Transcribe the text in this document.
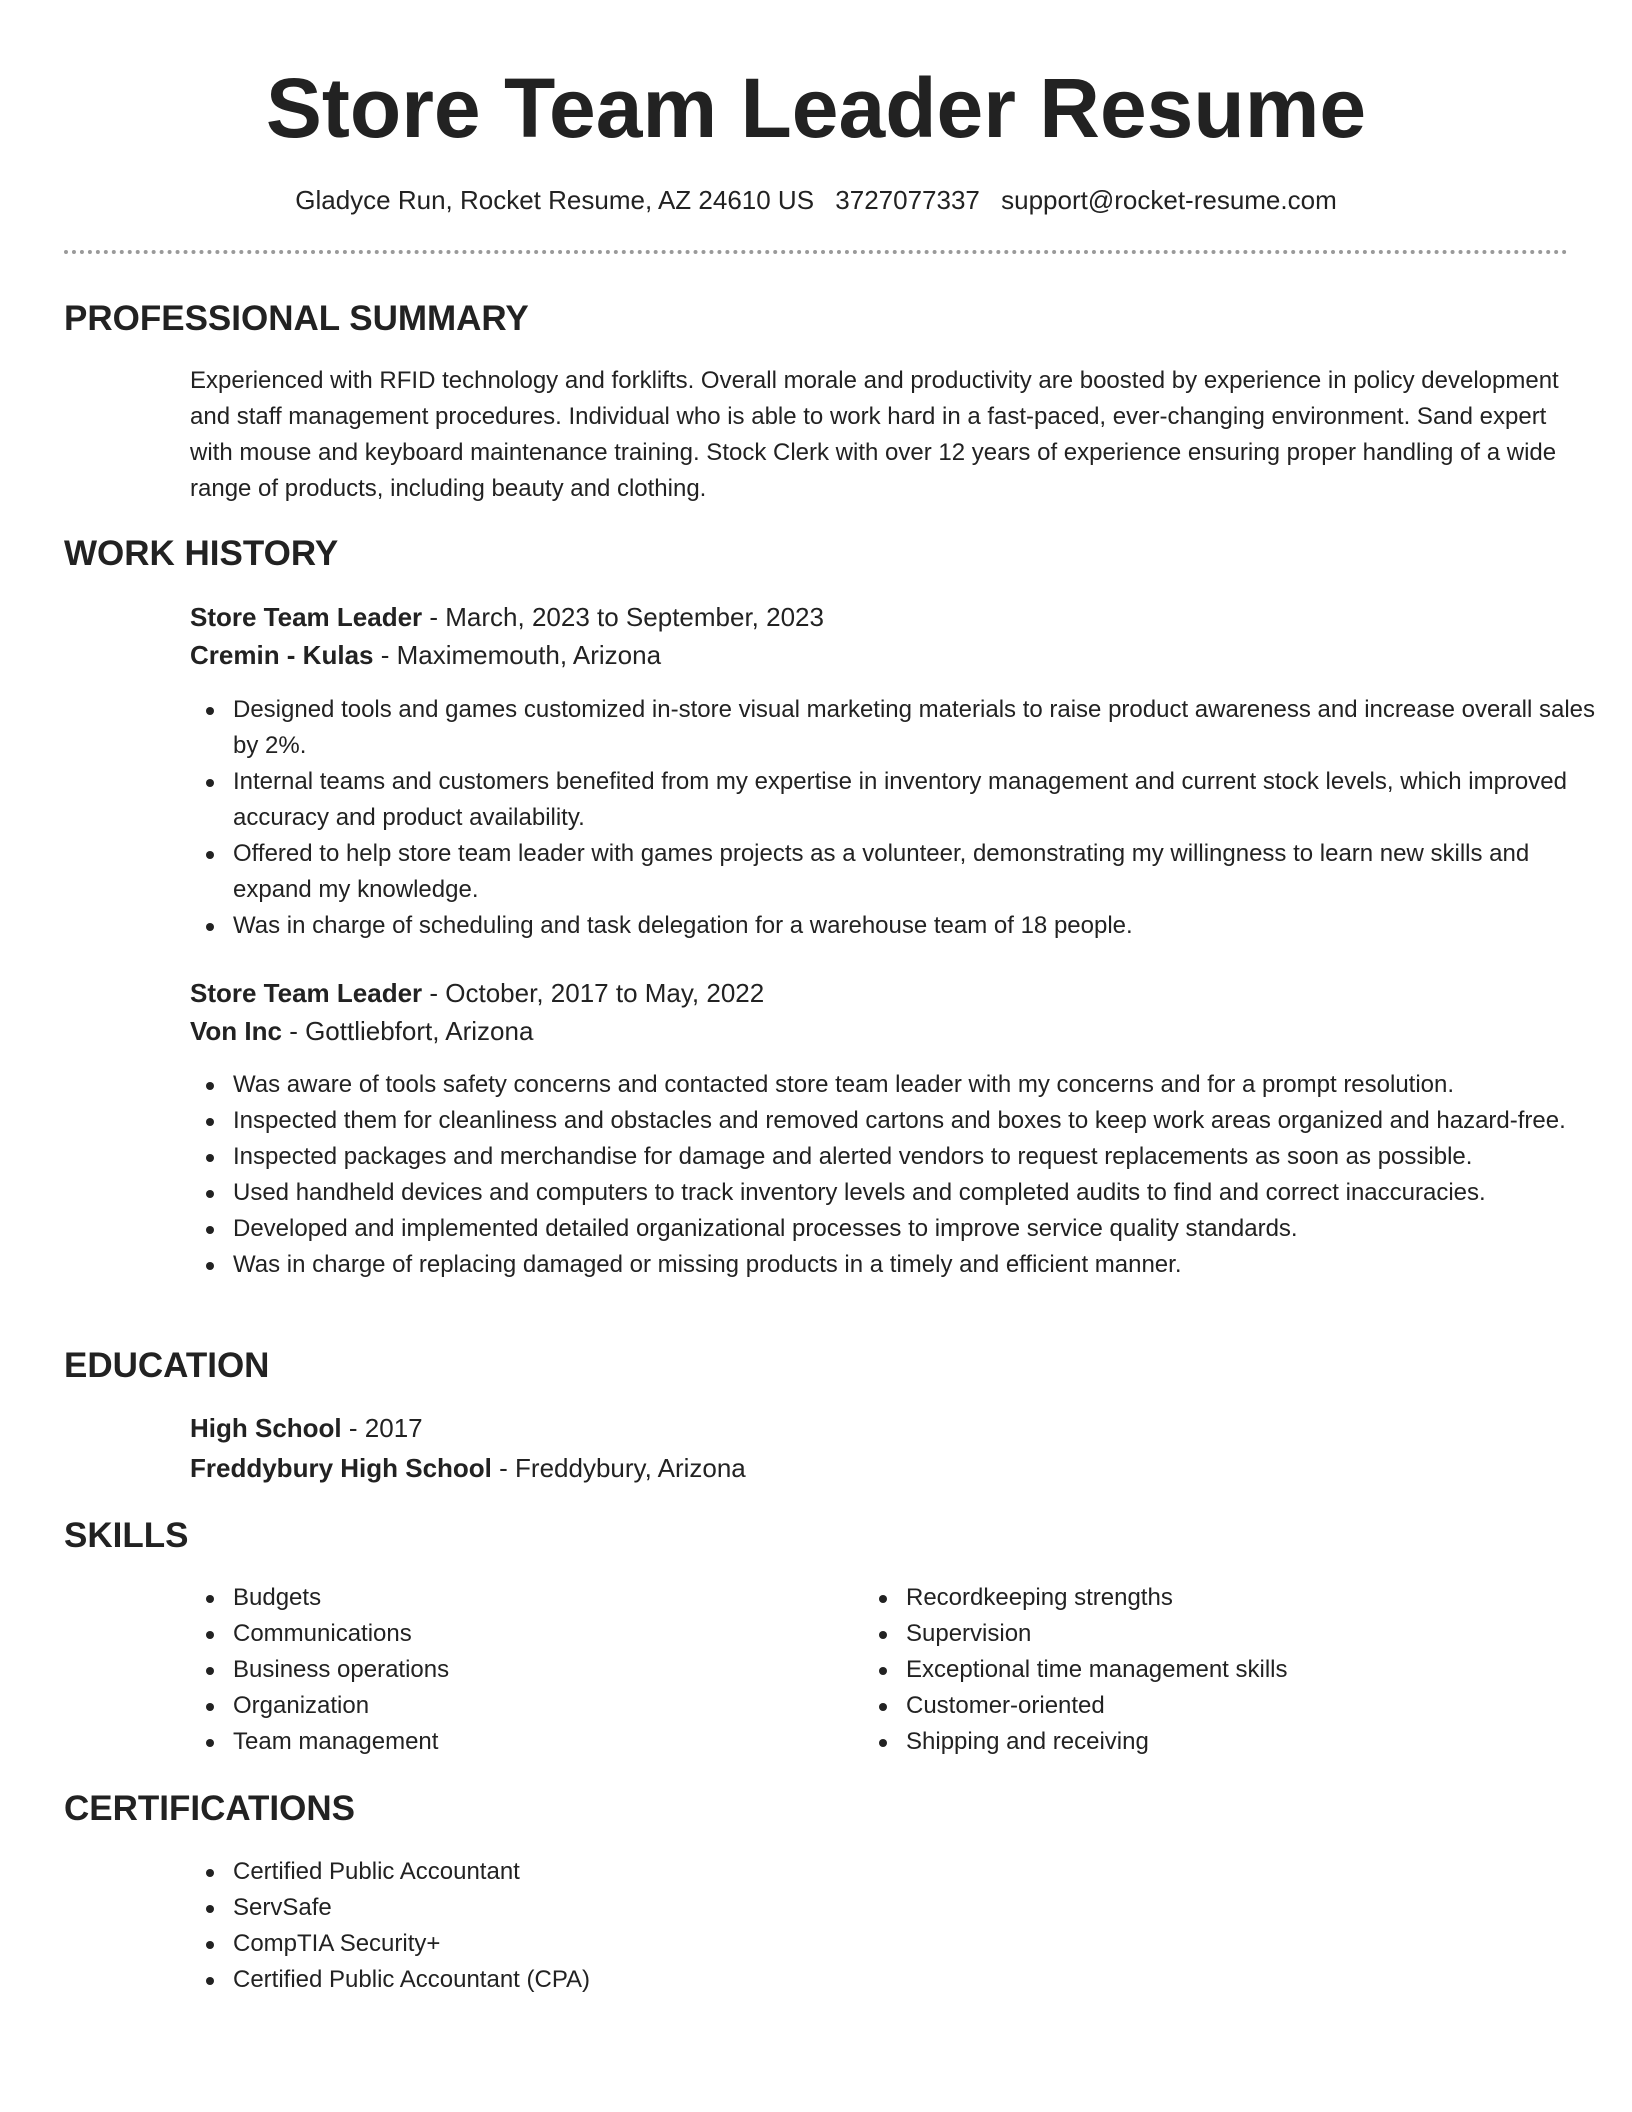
Store Team Leader Resume
Gladyce Run, Rocket Resume, AZ 24610 US 3727077337 support@rocket-resume.com
PROFESSIONAL SUMMARY
Experienced with RFID technology and forklifts. Overall morale and productivity are boosted by experience in policy development and staff management procedures. Individual who is able to work hard in a fast-paced, ever-changing environment. Sand expert with mouse and keyboard maintenance training. Stock Clerk with over 12 years of experience ensuring proper handling of a wide range of products, including beauty and clothing.
WORK HISTORY
Store Team Leader - March, 2023 to September, 2023
Cremin - Kulas - Maximemouth, Arizona
Designed tools and games customized in-store visual marketing materials to raise product awareness and increase overall sales by 2%.
Internal teams and customers benefited from my expertise in inventory management and current stock levels, which improved accuracy and product availability.
Offered to help store team leader with games projects as a volunteer, demonstrating my willingness to learn new skills and expand my knowledge.
Was in charge of scheduling and task delegation for a warehouse team of 18 people.
Store Team Leader - October, 2017 to May, 2022
Von Inc - Gottliebfort, Arizona
Was aware of tools safety concerns and contacted store team leader with my concerns and for a prompt resolution.
Inspected them for cleanliness and obstacles and removed cartons and boxes to keep work areas organized and hazard-free.
Inspected packages and merchandise for damage and alerted vendors to request replacements as soon as possible.
Used handheld devices and computers to track inventory levels and completed audits to find and correct inaccuracies.
Developed and implemented detailed organizational processes to improve service quality standards.
Was in charge of replacing damaged or missing products in a timely and efficient manner.
EDUCATION
High School - 2017
Freddybury High School - Freddybury, Arizona
SKILLS
Budgets
Communications
Business operations
Organization
Team management
Recordkeeping strengths
Supervision
Exceptional time management skills
Customer-oriented
Shipping and receiving
CERTIFICATIONS
Certified Public Accountant
ServSafe
CompTIA Security+
Certified Public Accountant (CPA)
